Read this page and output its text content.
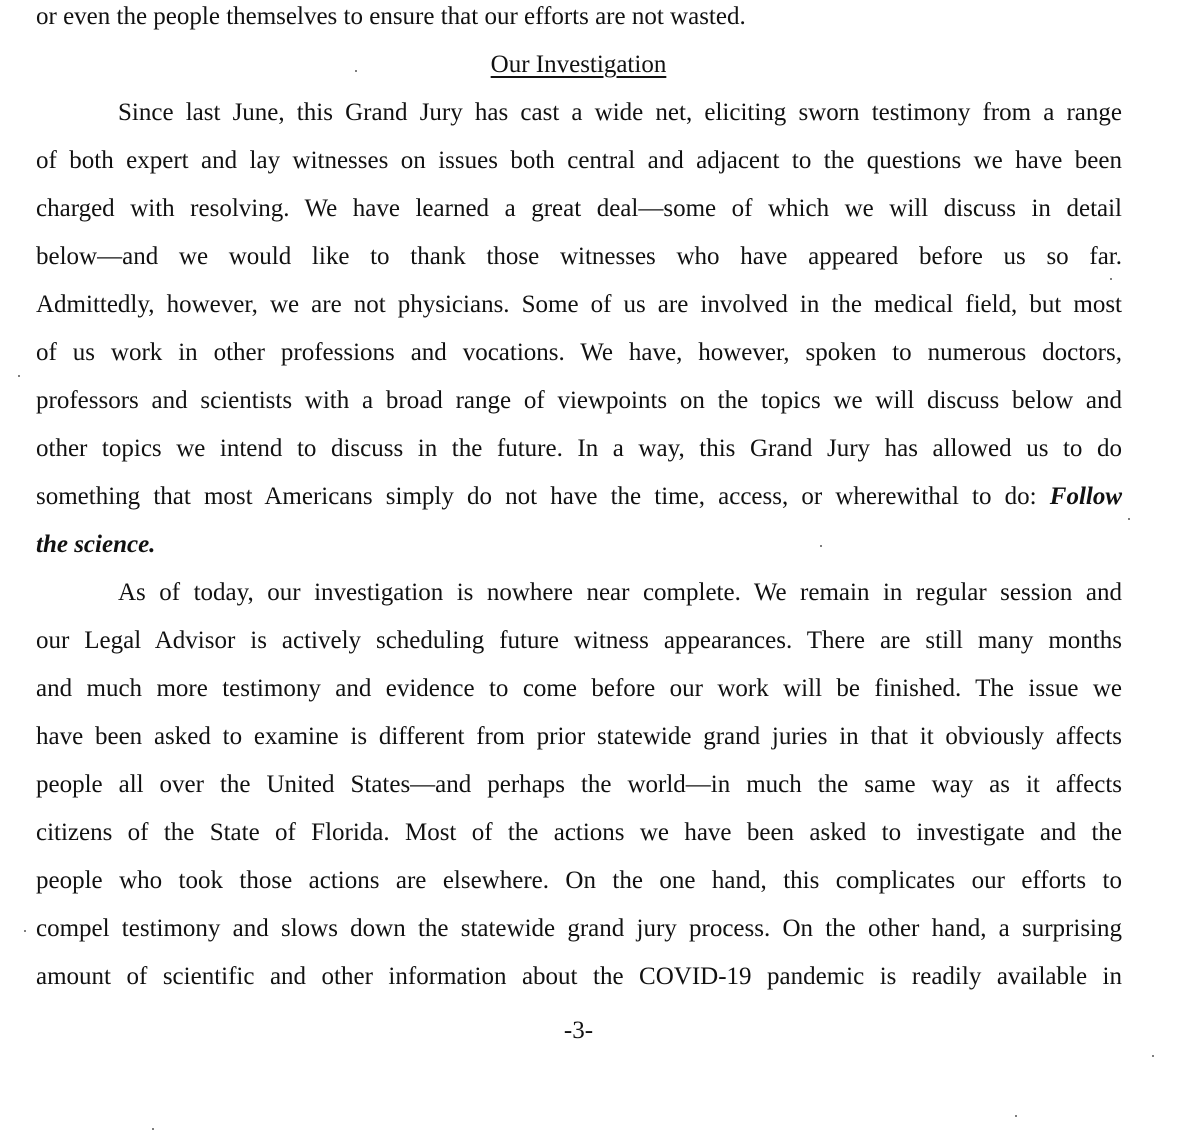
or even the people themselves to ensure that our efforts are not wasted.
Our Investigation
Since last June, this Grand Jury has cast a wide net, eliciting sworn testimony from a range
of both expert and lay witnesses on issues both central and adjacent to the questions we have been
charged with resolving. We have learned a great deal—some of which we will discuss in detail
below—and we would like to thank those witnesses who have appeared before us so far.
Admittedly, however, we are not physicians. Some of us are involved in the medical field, but most
of us work in other professions and vocations. We have, however, spoken to numerous doctors,
professors and scientists with a broad range of viewpoints on the topics we will discuss below and
other topics we intend to discuss in the future. In a way, this Grand Jury has allowed us to do
something that most Americans simply do not have the time, access, or wherewithal to do: Follow
the science.
As of today, our investigation is nowhere near complete. We remain in regular session and
our Legal Advisor is actively scheduling future witness appearances. There are still many months
and much more testimony and evidence to come before our work will be finished. The issue we
have been asked to examine is different from prior statewide grand juries in that it obviously affects
people all over the United States—and perhaps the world—in much the same way as it affects
citizens of the State of Florida. Most of the actions we have been asked to investigate and the
people who took those actions are elsewhere. On the one hand, this complicates our efforts to
compel testimony and slows down the statewide grand jury process. On the other hand, a surprising
amount of scientific and other information about the COVID-19 pandemic is readily available in
-3-
